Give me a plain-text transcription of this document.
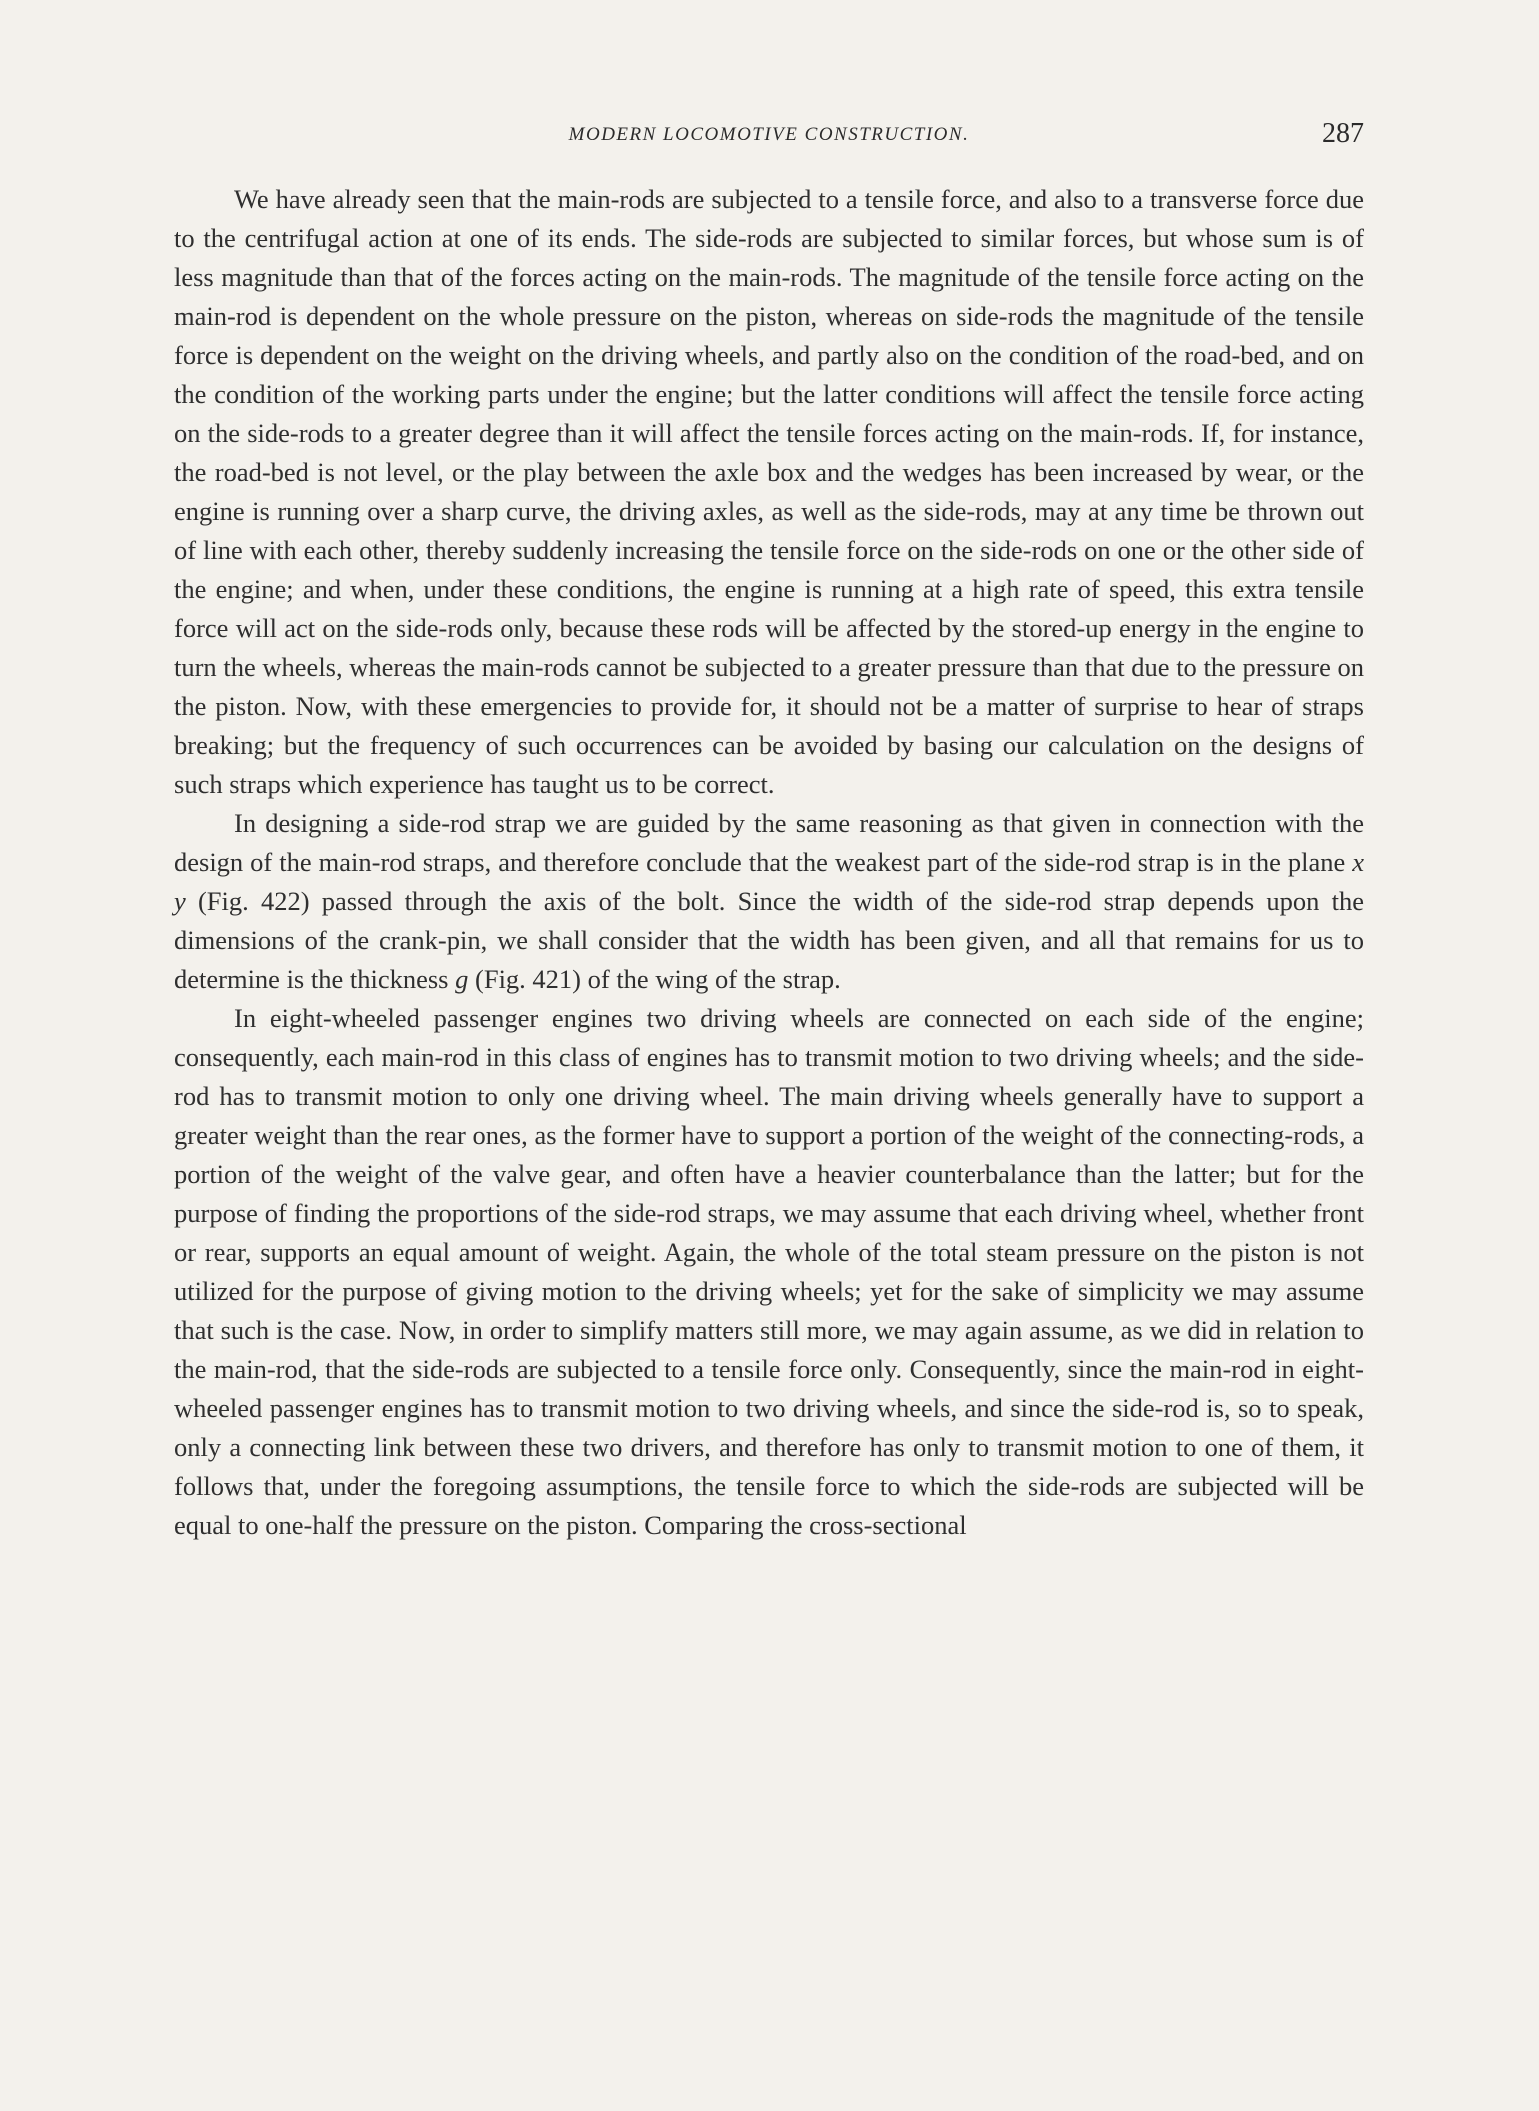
MODERN LOCOMOTIVE CONSTRUCTION.	287

We have already seen that the main-rods are subjected to a tensile force, and also to a transverse force due to the centrifugal action at one of its ends. The side-rods are subjected to similar forces, but whose sum is of less magnitude than that of the forces acting on the main-rods. The magnitude of the tensile force acting on the main-rod is dependent on the whole pressure on the piston, whereas on side-rods the magnitude of the tensile force is dependent on the weight on the driving wheels, and partly also on the condition of the road-bed, and on the condition of the working parts under the engine; but the latter conditions will affect the tensile force acting on the side-rods to a greater degree than it will affect the tensile forces acting on the main-rods. If, for instance, the road-bed is not level, or the play between the axle box and the wedges has been increased by wear, or the engine is running over a sharp curve, the driving axles, as well as the side-rods, may at any time be thrown out of line with each other, thereby suddenly increasing the tensile force on the side-rods on one or the other side of the engine; and when, under these conditions, the engine is running at a high rate of speed, this extra tensile force will act on the side-rods only, because these rods will be affected by the stored-up energy in the engine to turn the wheels, whereas the main-rods cannot be subjected to a greater pressure than that due to the pressure on the piston. Now, with these emergencies to provide for, it should not be a matter of surprise to hear of straps breaking; but the frequency of such occurrences can be avoided by basing our calculation on the designs of such straps which experience has taught us to be correct.

In designing a side-rod strap we are guided by the same reasoning as that given in connection with the design of the main-rod straps, and therefore conclude that the weakest part of the side-rod strap is in the plane x y (Fig. 422) passed through the axis of the bolt. Since the width of the side-rod strap depends upon the dimensions of the crank-pin, we shall consider that the width has been given, and all that remains for us to determine is the thickness g (Fig. 421) of the wing of the strap.

In eight-wheeled passenger engines two driving wheels are connected on each side of the engine; consequently, each main-rod in this class of engines has to transmit motion to two driving wheels; and the side-rod has to transmit motion to only one driving wheel. The main driving wheels generally have to support a greater weight than the rear ones, as the former have to support a portion of the weight of the connecting-rods, a portion of the weight of the valve gear, and often have a heavier counterbalance than the latter; but for the purpose of finding the proportions of the side-rod straps, we may assume that each driving wheel, whether front or rear, supports an equal amount of weight. Again, the whole of the total steam pressure on the piston is not utilized for the purpose of giving motion to the driving wheels; yet for the sake of simplicity we may assume that such is the case. Now, in order to simplify matters still more, we may again assume, as we did in relation to the main-rod, that the side-rods are subjected to a tensile force only. Consequently, since the main-rod in eight-wheeled passenger engines has to transmit motion to two driving wheels, and since the side-rod is, so to speak, only a connecting link between these two drivers, and therefore has only to transmit motion to one of them, it follows that, under the foregoing assumptions, the tensile force to which the side-rods are subjected will be equal to one-half the pressure on the piston. Comparing the cross-sectional
